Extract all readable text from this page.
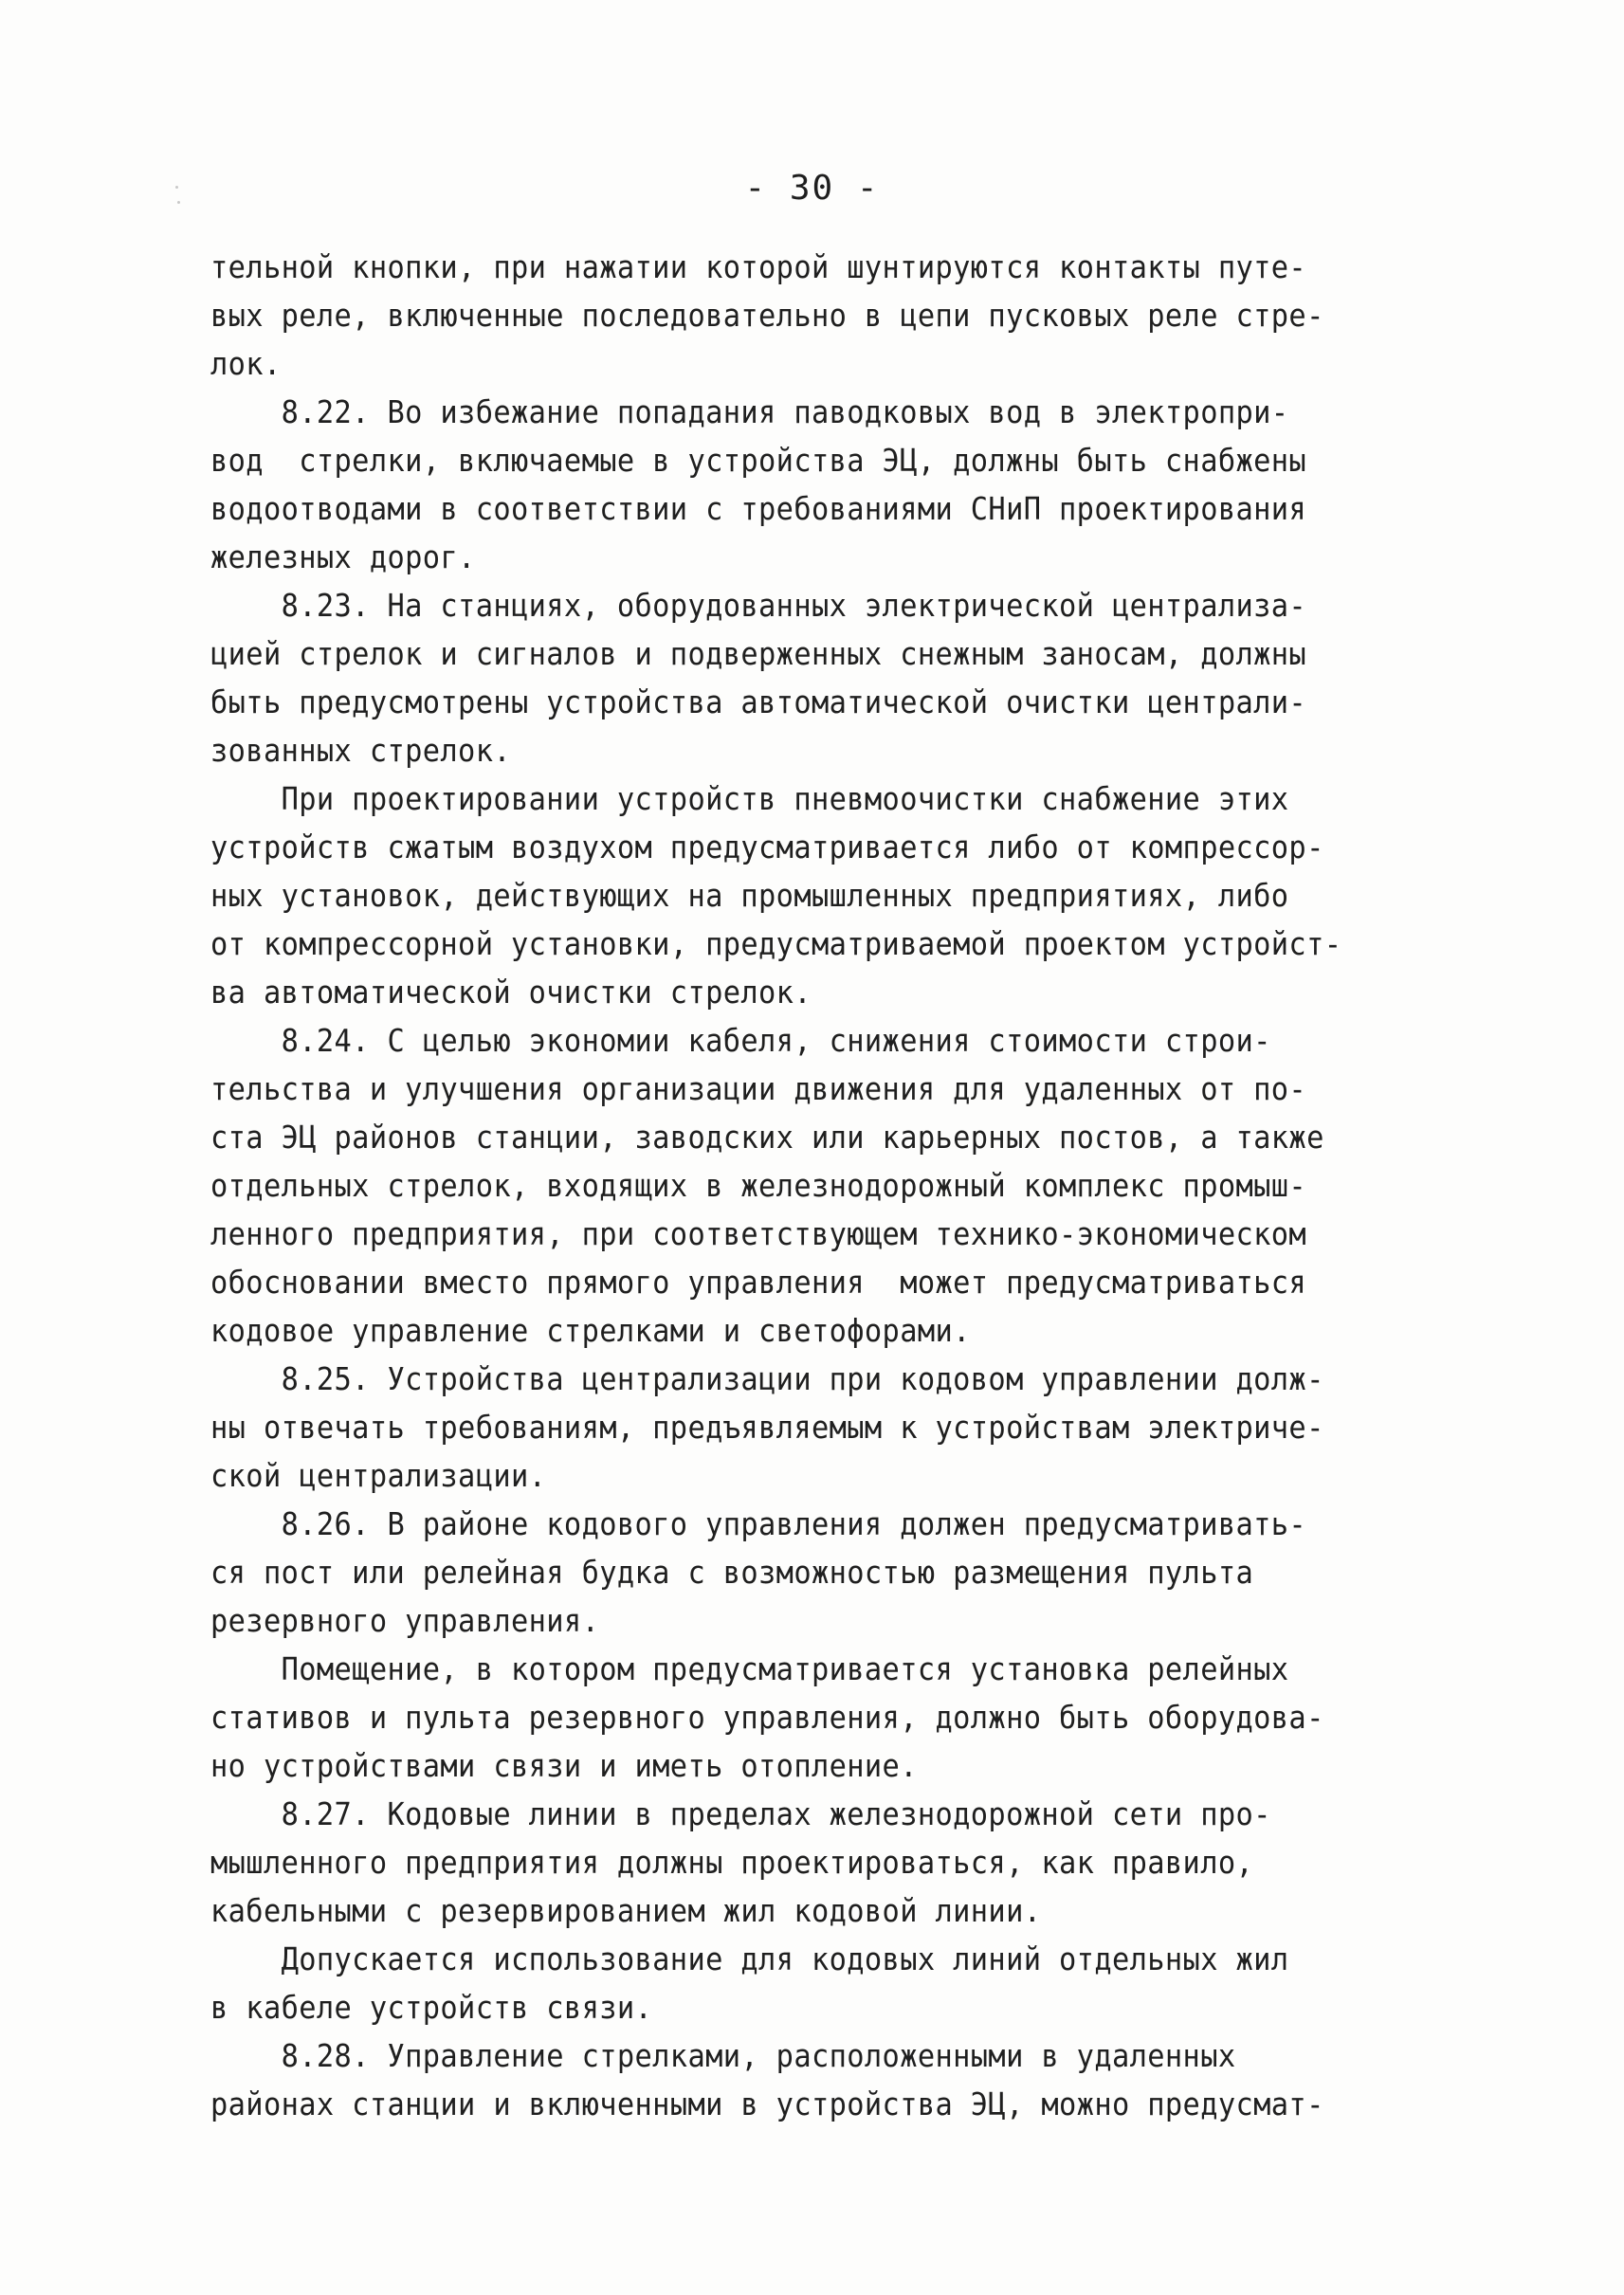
- 30 -
тельной кнопки, при нажатии которой шунтируются контакты путе-
вых реле, включенные последовательно в цепи пусковых реле стре-
лок.
8.22. Во избежание попадания паводковых вод в электропри-
вод  стрелки, включаемые в устройства ЭЦ, должны быть снабжены
водоотводами в соответствии с требованиями СНиП проектирования
железных дорог.
8.23. На станциях, оборудованных электрической централиза-
цией стрелок и сигналов и подверженных снежным заносам, должны
быть предусмотрены устройства автоматической очистки централи-
зованных стрелок.
При проектировании устройств пневмоочистки снабжение этих
устройств сжатым воздухом предусматривается либо от компрессор-
ных установок, действующих на промышленных предприятиях, либо
от компрессорной установки, предусматриваемой проектом устройст-
ва автоматической очистки стрелок.
8.24. С целью экономии кабеля, снижения стоимости строи-
тельства и улучшения организации движения для удаленных от по-
ста ЭЦ районов станции, заводских или карьерных постов, а также
отдельных стрелок, входящих в железнодорожный комплекс промыш-
ленного предприятия, при соответствующем технико-экономическом
обосновании вместо прямого управления  может предусматриваться
кодовое управление стрелками и светофорами.
8.25. Устройства централизации при кодовом управлении долж-
ны отвечать требованиям, предъявляемым к устройствам электриче-
ской централизации.
8.26. В районе кодового управления должен предусматривать-
ся пост или релейная будка с возможностью размещения пульта
резервного управления.
Помещение, в котором предусматривается установка релейных
стативов и пульта резервного управления, должно быть оборудова-
но устройствами связи и иметь отопление.
8.27. Кодовые линии в пределах железнодорожной сети про-
мышленного предприятия должны проектироваться, как правило,
кабельными с резервированием жил кодовой линии.
Допускается использование для кодовых линий отдельных жил
в кабеле устройств связи.
8.28. Управление стрелками, расположенными в удаленных
районах станции и включенными в устройства ЭЦ, можно предусмат-
